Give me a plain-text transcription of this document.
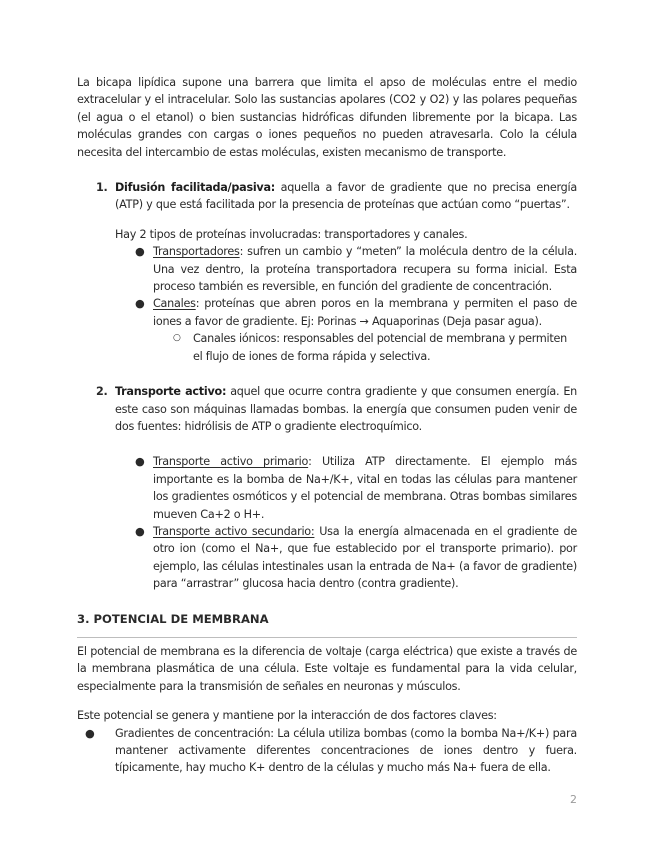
La bicapa lipídica supone una barrera que limita el apso de moléculas entre el medio extracelular y el intracelular. Solo las sustancias apolares (CO2 y O2) y las polares pequeñas (el agua o el etanol) o bien sustancias hidróficas difunden libremente por la bicapa. Las moléculas grandes con cargas o iones pequeños no pueden atravesarla. Colo la célula necesita del intercambio de estas moléculas, existen mecanismo de transporte.

1. Difusión facilitada/pasiva: aquella a favor de gradiente que no precisa energía (ATP) y que está facilitada por la presencia de proteínas que actúan como “puertas”.

Hay 2 tipos de proteínas involucradas: transportadores y canales.

● Transportadores: sufren un cambio y “meten” la molécula dentro de la célula. Una vez dentro, la proteína transportadora recupera su forma inicial. Esta proceso también es reversible, en función del gradiente de concentración.

● Canales: proteínas que abren poros en la membrana y permiten el paso de iones a favor de gradiente. Ej: Porinas → Aquaporinas (Deja pasar agua).

○ Canales iónicos: responsables del potencial de membrana y permiten el flujo de iones de forma rápida y selectiva.

2. Transporte activo: aquel que ocurre contra gradiente y que consumen energía. En este caso son máquinas llamadas bombas. la energía que consumen puden venir de dos fuentes: hidrólisis de ATP o gradiente electroquímico.

● Transporte activo primario: Utiliza ATP directamente. El ejemplo más importante es la bomba de Na+/K+, vital en todas las células para mantener los gradientes osmóticos y el potencial de membrana. Otras bombas similares mueven Ca+2 o H+.

● Transporte activo secundario: Usa la energía almacenada en el gradiente de otro ion (como el Na+, que fue establecido por el transporte primario). por ejemplo, las células intestinales usan la entrada de Na+ (a favor de gradiente) para “arrastrar” glucosa hacia dentro (contra gradiente).

3. POTENCIAL DE MEMBRANA

El potencial de membrana es la diferencia de voltaje (carga eléctrica) que existe a través de la membrana plasmática de una célula. Este voltaje es fundamental para la vida celular, especialmente para la transmisión de señales en neuronas y músculos.

Este potencial se genera y mantiene por la interacción de dos factores claves:

● Gradientes de concentración: La célula utiliza bombas (como la bomba Na+/K+) para mantener activamente diferentes concentraciones de iones dentro y fuera. típicamente, hay mucho K+ dentro de la células y mucho más Na+ fuera de ella.

2
